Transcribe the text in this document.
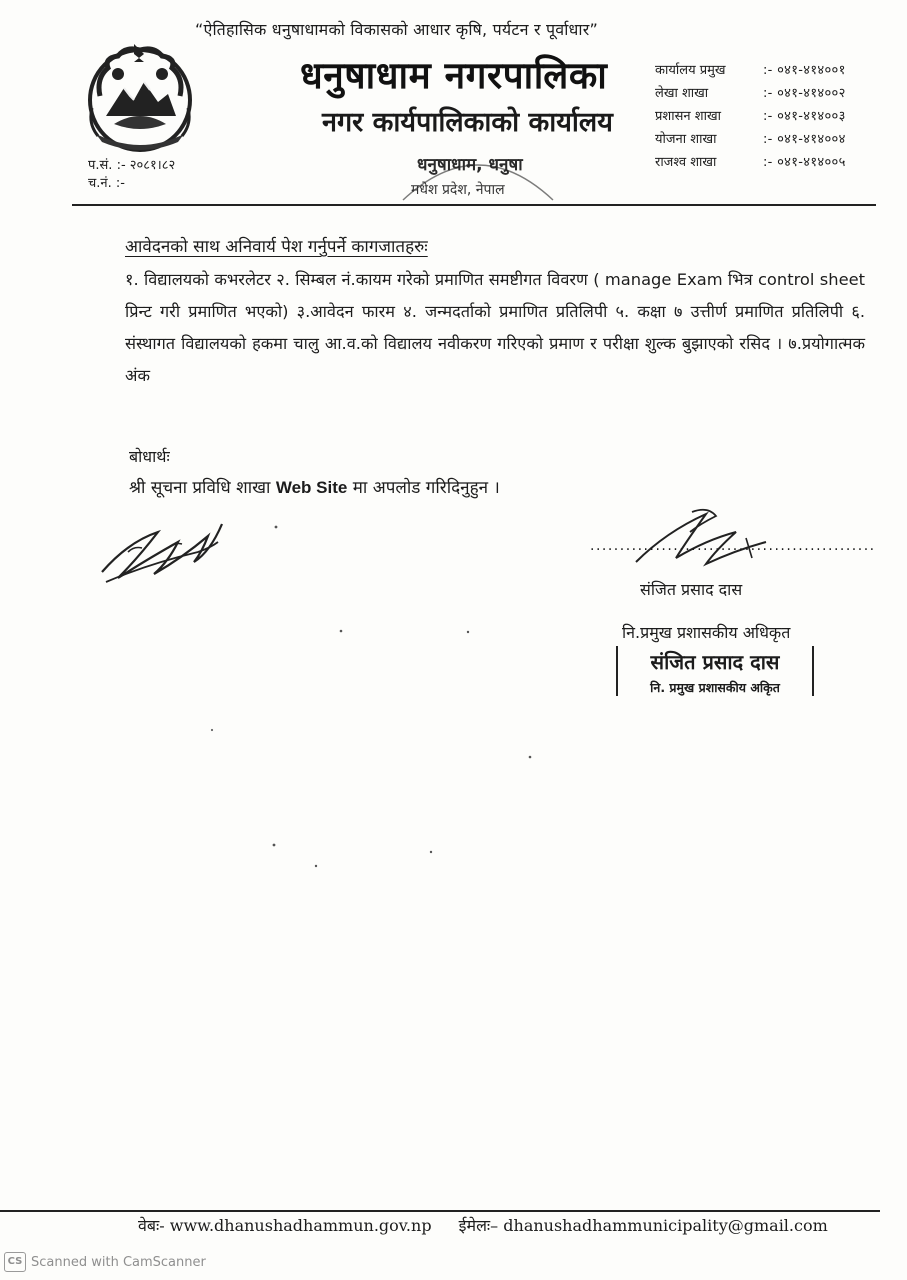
“ऐतिहासिक धनुषाधामको विकासको आधार कृषि, पर्यटन र पूर्वाधार”
धनुषाधाम नगरपालिका
नगर कार्यपालिकाको कार्यालय
प.सं. :- २०८१।८२
च.नं. :-
कार्यालय प्रमुख	:- ०४१-४१४००१
लेखा शाखा	:- ०४१-४१४००२
प्रशासन शाखा	:- ०४१-४१४००३
योजना शाखा	:- ०४१-४१४००४
राजश्व शाखा	:- ०४१-४१४००५
धनुषाधाम, धनुषा
मधेश प्रदेश, नेपाल
आवेदनको साथ अनिवार्य पेश गर्नुपर्ने कागजातहरुः
१. विद्यालयको कभरलेटर २. सिम्बल नं.कायम गरेको प्रमाणित समष्टीगत विवरण ( manage Exam भित्र control sheet प्रिन्ट गरी प्रमाणित भएको) ३.आवेदन फारम ४. जन्मदर्ताको प्रमाणित प्रतिलिपी ५. कक्षा ७ उत्तीर्ण प्रमाणित प्रतिलिपी ६. संस्थागत विद्यालयको हकमा चालु आ.व.को विद्यालय नवीकरण गरिएको प्रमाण र परीक्षा शुल्क बुझाएको रसिद । ७.प्रयोगात्मक अंक
बोधार्थः
श्री सूचना प्रविधि शाखा Web Site मा अपलोड गरिदिनुहुन ।
................................................
संजित प्रसाद दास
नि.प्रमुख प्रशासकीय अधिकृत
संजित प्रसाद दास
नि. प्रमुख प्रशासकीय अकृित
वेबः- www.dhanushadhammun.gov.np ईमेलः– dhanushadhammunicipality@gmail.com
CS Scanned with CamScanner
